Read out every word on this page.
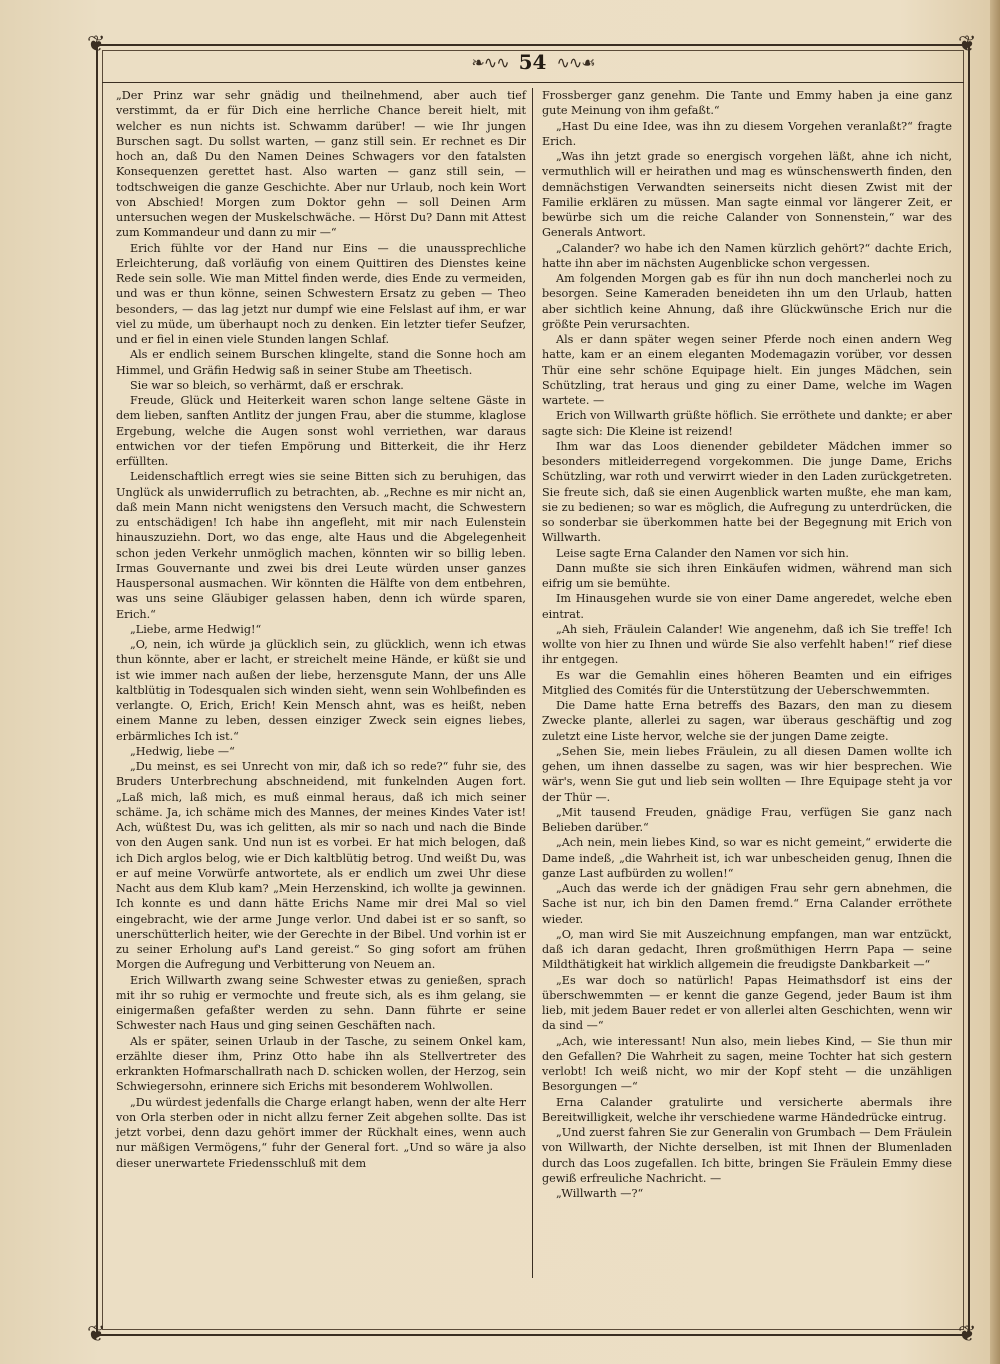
❦	❦
❦	❦
❧∿∿ 54 ∿∿☙

„Der Prinz war sehr gnädig und theilnehmend, aber auch tief verstimmt, da er für Dich eine herrliche Chance bereit hielt, mit welcher es nun nichts ist. Schwamm darüber! — wie Ihr jungen Burschen sagt. Du sollst warten, — ganz still sein. Er rechnet es Dir hoch an, daß Du den Namen Deines Schwagers vor den fatalsten Konsequenzen gerettet hast. Also warten — ganz still sein, — todtschweigen die ganze Geschichte. Aber nur Urlaub, noch kein Wort von Abschied! Morgen zum Doktor gehn — soll Deinen Arm untersuchen wegen der Muskelschwäche. — Hörst Du? Dann mit Attest zum Kommandeur und dann zu mir —“

Erich fühlte vor der Hand nur Eins — die unaussprechliche Erleichterung, daß vorläufig von einem Quittiren des Dienstes keine Rede sein solle. Wie man Mittel finden werde, dies Ende zu vermeiden, und was er thun könne, seinen Schwestern Ersatz zu geben — Theo besonders, — das lag jetzt nur dumpf wie eine Felslast auf ihm, er war viel zu müde, um überhaupt noch zu denken. Ein letzter tiefer Seufzer, und er fiel in einen viele Stunden langen Schlaf.

Als er endlich seinem Burschen klingelte, stand die Sonne hoch am Himmel, und Gräfin Hedwig saß in seiner Stube am Theetisch.

Sie war so bleich, so verhärmt, daß er erschrak.

Freude, Glück und Heiterkeit waren schon lange seltene Gäste in dem lieben, sanften Antlitz der jungen Frau, aber die stumme, klaglose Ergebung, welche die Augen sonst wohl verriethen, war daraus entwichen vor der tiefen Empörung und Bitterkeit, die ihr Herz erfüllten.

Leidenschaftlich erregt wies sie seine Bitten sich zu beruhigen, das Unglück als unwiderruflich zu betrachten, ab. „Rechne es mir nicht an, daß mein Mann nicht wenigstens den Versuch macht, die Schwestern zu entschädigen! Ich habe ihn angefleht, mit mir nach Eulenstein hinauszuziehn. Dort, wo das enge, alte Haus und die Abgelegenheit schon jeden Verkehr unmöglich machen, könnten wir so billig leben. Irmas Gouvernante und zwei bis drei Leute würden unser ganzes Hauspersonal ausmachen. Wir könnten die Hälfte von dem entbehren, was uns seine Gläubiger gelassen haben, denn ich würde sparen, Erich.“

„Liebe, arme Hedwig!“

„O, nein, ich würde ja glücklich sein, zu glücklich, wenn ich etwas thun könnte, aber er lacht, er streichelt meine Hände, er küßt sie und ist wie immer nach außen der liebe, herzensgute Mann, der uns Alle kaltblütig in Todesqualen sich winden sieht, wenn sein Wohlbefinden es verlangte. O, Erich, Erich! Kein Mensch ahnt, was es heißt, neben einem Manne zu leben, dessen einziger Zweck sein eignes liebes, erbärmliches Ich ist.“

„Hedwig, liebe —“

„Du meinst, es sei Unrecht von mir, daß ich so rede?“ fuhr sie, des Bruders Unterbrechung abschneidend, mit funkelnden Augen fort. „Laß mich, laß mich, es muß einmal heraus, daß ich mich seiner schäme. Ja, ich schäme mich des Mannes, der meines Kindes Vater ist! Ach, wüßtest Du, was ich gelitten, als mir so nach und nach die Binde von den Augen sank. Und nun ist es vorbei. Er hat mich belogen, daß ich Dich arglos belog, wie er Dich kaltblütig betrog. Und weißt Du, was er auf meine Vorwürfe antwortete, als er endlich um zwei Uhr diese Nacht aus dem Klub kam? „Mein Herzenskind, ich wollte ja gewinnen. Ich konnte es und dann hätte Erichs Name mir drei Mal so viel eingebracht, wie der arme Junge verlor. Und dabei ist er so sanft, so unerschütterlich heiter, wie der Gerechte in der Bibel. Und vorhin ist er zu seiner Erholung auf's Land gereist.“ So ging sofort am frühen Morgen die Aufregung und Verbitterung von Neuem an.

Erich Willwarth zwang seine Schwester etwas zu genießen, sprach mit ihr so ruhig er vermochte und freute sich, als es ihm gelang, sie einigermaßen gefaßter werden zu sehn. Dann führte er seine Schwester nach Haus und ging seinen Geschäften nach.

Als er später, seinen Urlaub in der Tasche, zu seinem Onkel kam, erzählte dieser ihm, Prinz Otto habe ihn als Stellvertreter des erkrankten Hofmarschallrath nach D. schicken wollen, der Herzog, sein Schwiegersohn, erinnere sich Erichs mit besonderem Wohlwollen.

„Du würdest jedenfalls die Charge erlangt haben, wenn der alte Herr von Orla sterben oder in nicht allzu ferner Zeit abgehen sollte. Das ist jetzt vorbei, denn dazu gehört immer der Rückhalt eines, wenn auch nur mäßigen Vermögens,“ fuhr der General fort. „Und so wäre ja also dieser unerwartete Friedensschluß mit dem

Frossberger ganz genehm. Die Tante und Emmy haben ja eine ganz gute Meinung von ihm gefaßt.“

„Hast Du eine Idee, was ihn zu diesem Vorgehen veranlaßt?“ fragte Erich.

„Was ihn jetzt grade so energisch vorgehen läßt, ahne ich nicht, vermuthlich will er heirathen und mag es wünschenswerth finden, den demnächstigen Verwandten seinerseits nicht diesen Zwist mit der Familie erklären zu müssen. Man sagte einmal vor längerer Zeit, er bewürbe sich um die reiche Calander von Sonnenstein,“ war des Generals Antwort.

„Calander? wo habe ich den Namen kürzlich gehört?“ dachte Erich, hatte ihn aber im nächsten Augenblicke schon vergessen.

Am folgenden Morgen gab es für ihn nun doch mancherlei noch zu besorgen. Seine Kameraden beneideten ihn um den Urlaub, hatten aber sichtlich keine Ahnung, daß ihre Glückwünsche Erich nur die größte Pein verursachten.

Als er dann später wegen seiner Pferde noch einen andern Weg hatte, kam er an einem eleganten Modemagazin vorüber, vor dessen Thür eine sehr schöne Equipage hielt. Ein junges Mädchen, sein Schützling, trat heraus und ging zu einer Dame, welche im Wagen wartete. —

Erich von Willwarth grüßte höflich. Sie erröthete und dankte; er aber sagte sich: Die Kleine ist reizend!

Ihm war das Loos dienender gebildeter Mädchen immer so besonders mitleiderregend vorgekommen. Die junge Dame, Erichs Schützling, war roth und verwirrt wieder in den Laden zurückgetreten. Sie freute sich, daß sie einen Augenblick warten mußte, ehe man kam, sie zu bedienen; so war es möglich, die Aufregung zu unterdrücken, die so sonderbar sie überkommen hatte bei der Begegnung mit Erich von Willwarth.

Leise sagte Erna Calander den Namen vor sich hin.

Dann mußte sie sich ihren Einkäufen widmen, während man sich eifrig um sie bemühte.

Im Hinausgehen wurde sie von einer Dame angeredet, welche eben eintrat.

„Ah sieh, Fräulein Calander! Wie angenehm, daß ich Sie treffe! Ich wollte von hier zu Ihnen und würde Sie also verfehlt haben!“ rief diese ihr entgegen.

Es war die Gemahlin eines höheren Beamten und ein eifriges Mitglied des Comités für die Unterstützung der Ueberschwemmten.

Die Dame hatte Erna betreffs des Bazars, den man zu diesem Zwecke plante, allerlei zu sagen, war überaus geschäftig und zog zuletzt eine Liste hervor, welche sie der jungen Dame zeigte.

„Sehen Sie, mein liebes Fräulein, zu all diesen Damen wollte ich gehen, um ihnen dasselbe zu sagen, was wir hier besprechen. Wie wär's, wenn Sie gut und lieb sein wollten — Ihre Equipage steht ja vor der Thür —.

„Mit tausend Freuden, gnädige Frau, verfügen Sie ganz nach Belieben darüber.“

„Ach nein, mein liebes Kind, so war es nicht gemeint,“ erwiderte die Dame indeß, „die Wahrheit ist, ich war unbescheiden genug, Ihnen die ganze Last aufbürden zu wollen!“

„Auch das werde ich der gnädigen Frau sehr gern abnehmen, die Sache ist nur, ich bin den Damen fremd.“ Erna Calander erröthete wieder.

„O, man wird Sie mit Auszeichnung empfangen, man war entzückt, daß ich daran gedacht, Ihren großmüthigen Herrn Papa — seine Mildthätigkeit hat wirklich allgemein die freudigste Dankbarkeit —“

„Es war doch so natürlich! Papas Heimathsdorf ist eins der überschwemmten — er kennt die ganze Gegend, jeder Baum ist ihm lieb, mit jedem Bauer redet er von allerlei alten Geschichten, wenn wir da sind —“

„Ach, wie interessant! Nun also, mein liebes Kind, — Sie thun mir den Gefallen? Die Wahrheit zu sagen, meine Tochter hat sich gestern verlobt! Ich weiß nicht, wo mir der Kopf steht — die unzähligen Besorgungen —“

Erna Calander gratulirte und versicherte abermals ihre Bereitwilligkeit, welche ihr verschiedene warme Händedrücke eintrug.

„Und zuerst fahren Sie zur Generalin von Grumbach — Dem Fräulein von Willwarth, der Nichte derselben, ist mit Ihnen der Blumenladen durch das Loos zugefallen. Ich bitte, bringen Sie Fräulein Emmy diese gewiß erfreuliche Nachricht. —

„Willwarth —?“
